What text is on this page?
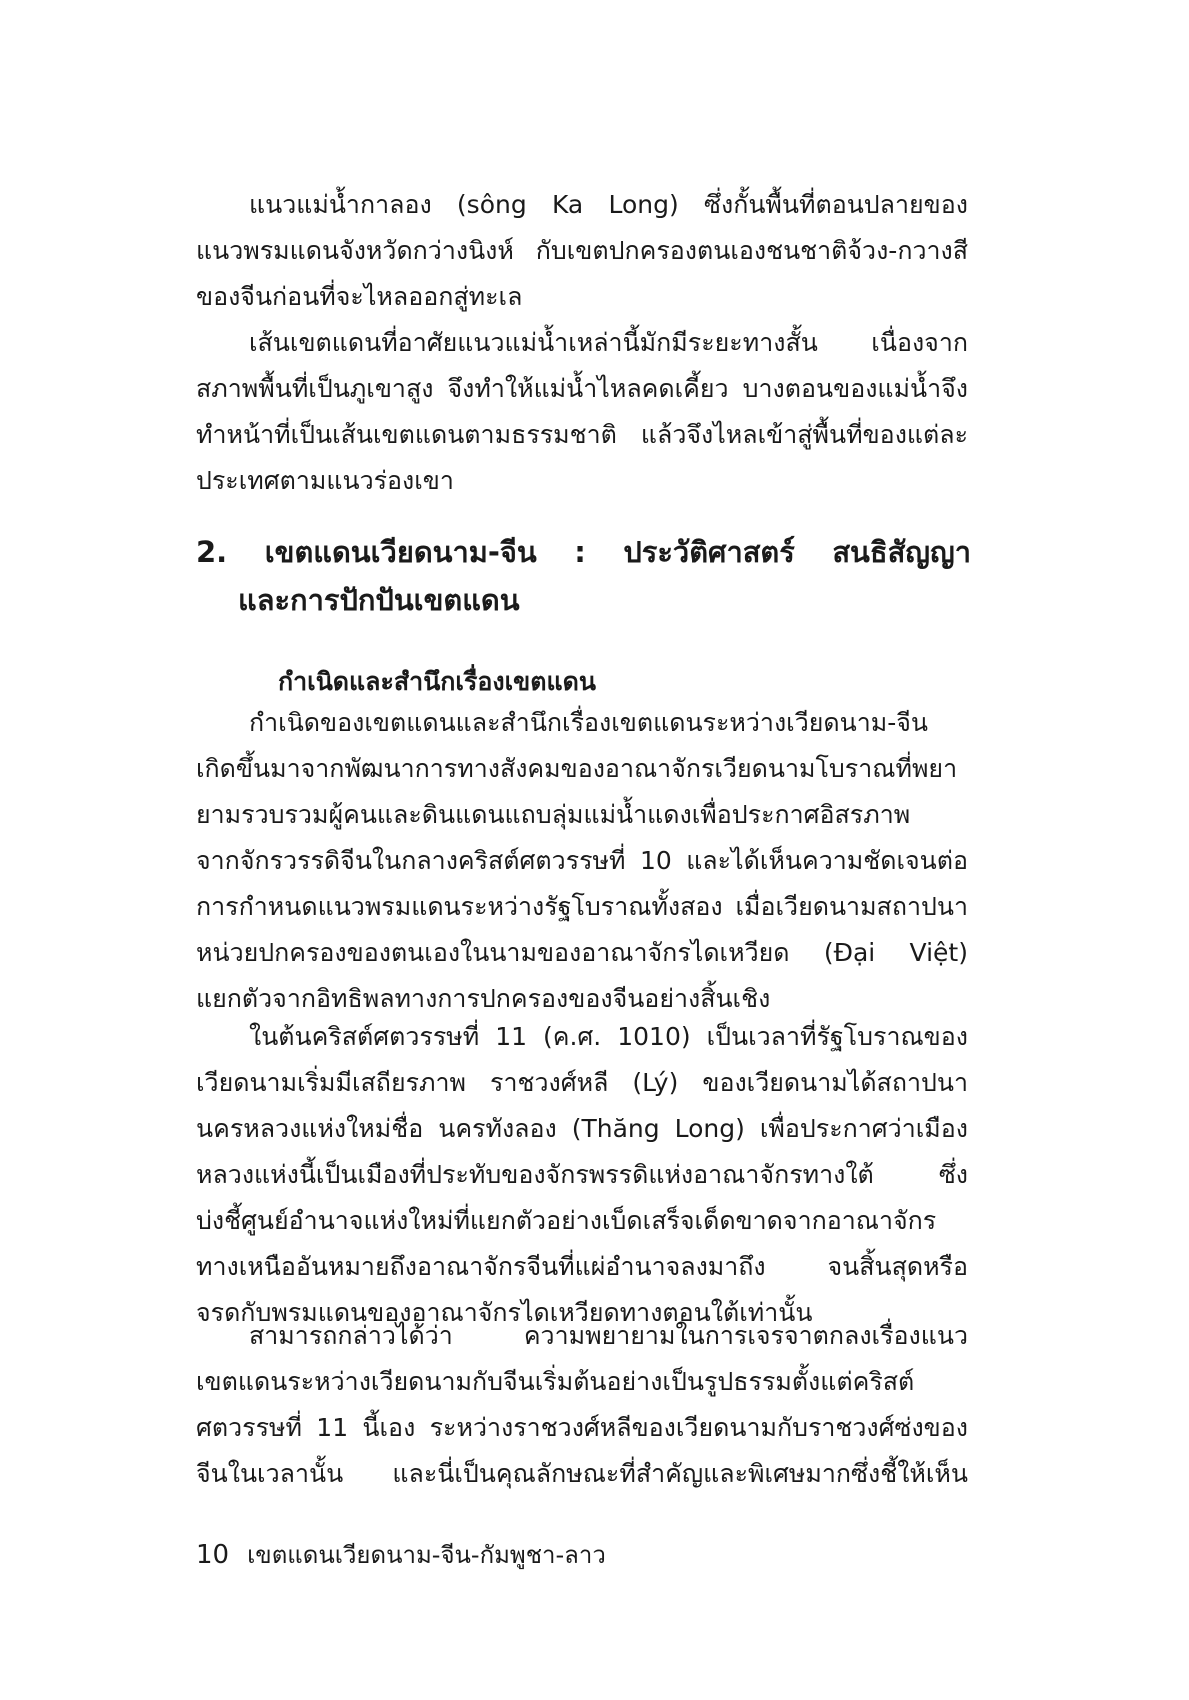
แนวแม่น้ำกาลอง (sông Ka Long) ซึ่งกั้นพื้นที่ตอนปลายของ
แนวพรมแดนจังหวัดกว่างนิงห์ กับเขตปกครองตนเองชนชาติจ้วง-กวางสี
ของจีนก่อนที่จะไหลออกสู่ทะเล
เส้นเขตแดนที่อาศัยแนวแม่น้ำเหล่านี้มักมีระยะทางสั้น เนื่องจาก
สภาพพื้นที่เป็นภูเขาสูง จึงทำให้แม่น้ำไหลคดเคี้ยว บางตอนของแม่น้ำจึง
ทำหน้าที่เป็นเส้นเขตแดนตามธรรมชาติ แล้วจึงไหลเข้าสู่พื้นที่ของแต่ละ
ประเทศตามแนวร่องเขา
2. เขตแดนเวียดนาม-จีน : ประวัติศาสตร์ สนธิสัญญา
และการปักปันเขตแดน
กำเนิดและสำนึกเรื่องเขตแดน
กำเนิดของเขตแดนและสำนึกเรื่องเขตแดนระหว่างเวียดนาม-จีน
เกิดขึ้นมาจากพัฒนาการทางสังคมของอาณาจักรเวียดนามโบราณที่พยา
ยามรวบรวมผู้คนและดินแดนแถบลุ่มแม่น้ำแดงเพื่อประกาศอิสรภาพ
จากจักรวรรดิจีนในกลางคริสต์ศตวรรษที่ 10 และได้เห็นความชัดเจนต่อ
การกำหนดแนวพรมแดนระหว่างรัฐโบราณทั้งสอง เมื่อเวียดนามสถาปนา
หน่วยปกครองของตนเองในนามของอาณาจักรไดเหวียด (Đại Việt)
แยกตัวจากอิทธิพลทางการปกครองของจีนอย่างสิ้นเชิง
ในต้นคริสต์ศตวรรษที่ 11 (ค.ศ. 1010) เป็นเวลาที่รัฐโบราณของ
เวียดนามเริ่มมีเสถียรภาพ ราชวงศ์หลี (Lý) ของเวียดนามได้สถาปนา
นครหลวงแห่งใหม่ชื่อ นครทังลอง (Thăng Long) เพื่อประกาศว่าเมือง
หลวงแห่งนี้เป็นเมืองที่ประทับของจักรพรรดิแห่งอาณาจักรทางใต้ ซึ่ง
บ่งชี้ศูนย์อำนาจแห่งใหม่ที่แยกตัวอย่างเบ็ดเสร็จเด็ดขาดจากอาณาจักร
ทางเหนืออันหมายถึงอาณาจักรจีนที่แผ่อำนาจลงมาถึง จนสิ้นสุดหรือ
จรดกับพรมแดนของอาณาจักรไดเหวียดทางตอนใต้เท่านั้น
สามารถกล่าวได้ว่า ความพยายามในการเจรจาตกลงเรื่องแนว
เขตแดนระหว่างเวียดนามกับจีนเริ่มต้นอย่างเป็นรูปธรรมตั้งแต่คริสต์
ศตวรรษที่ 11 นี้เอง ระหว่างราชวงศ์หลีของเวียดนามกับราชวงศ์ซ่งของ
จีนในเวลานั้น และนี่เป็นคุณลักษณะที่สำคัญและพิเศษมากซึ่งชี้ให้เห็น
10 เขตแดนเวียดนาม-จีน-กัมพูชา-ลาว
